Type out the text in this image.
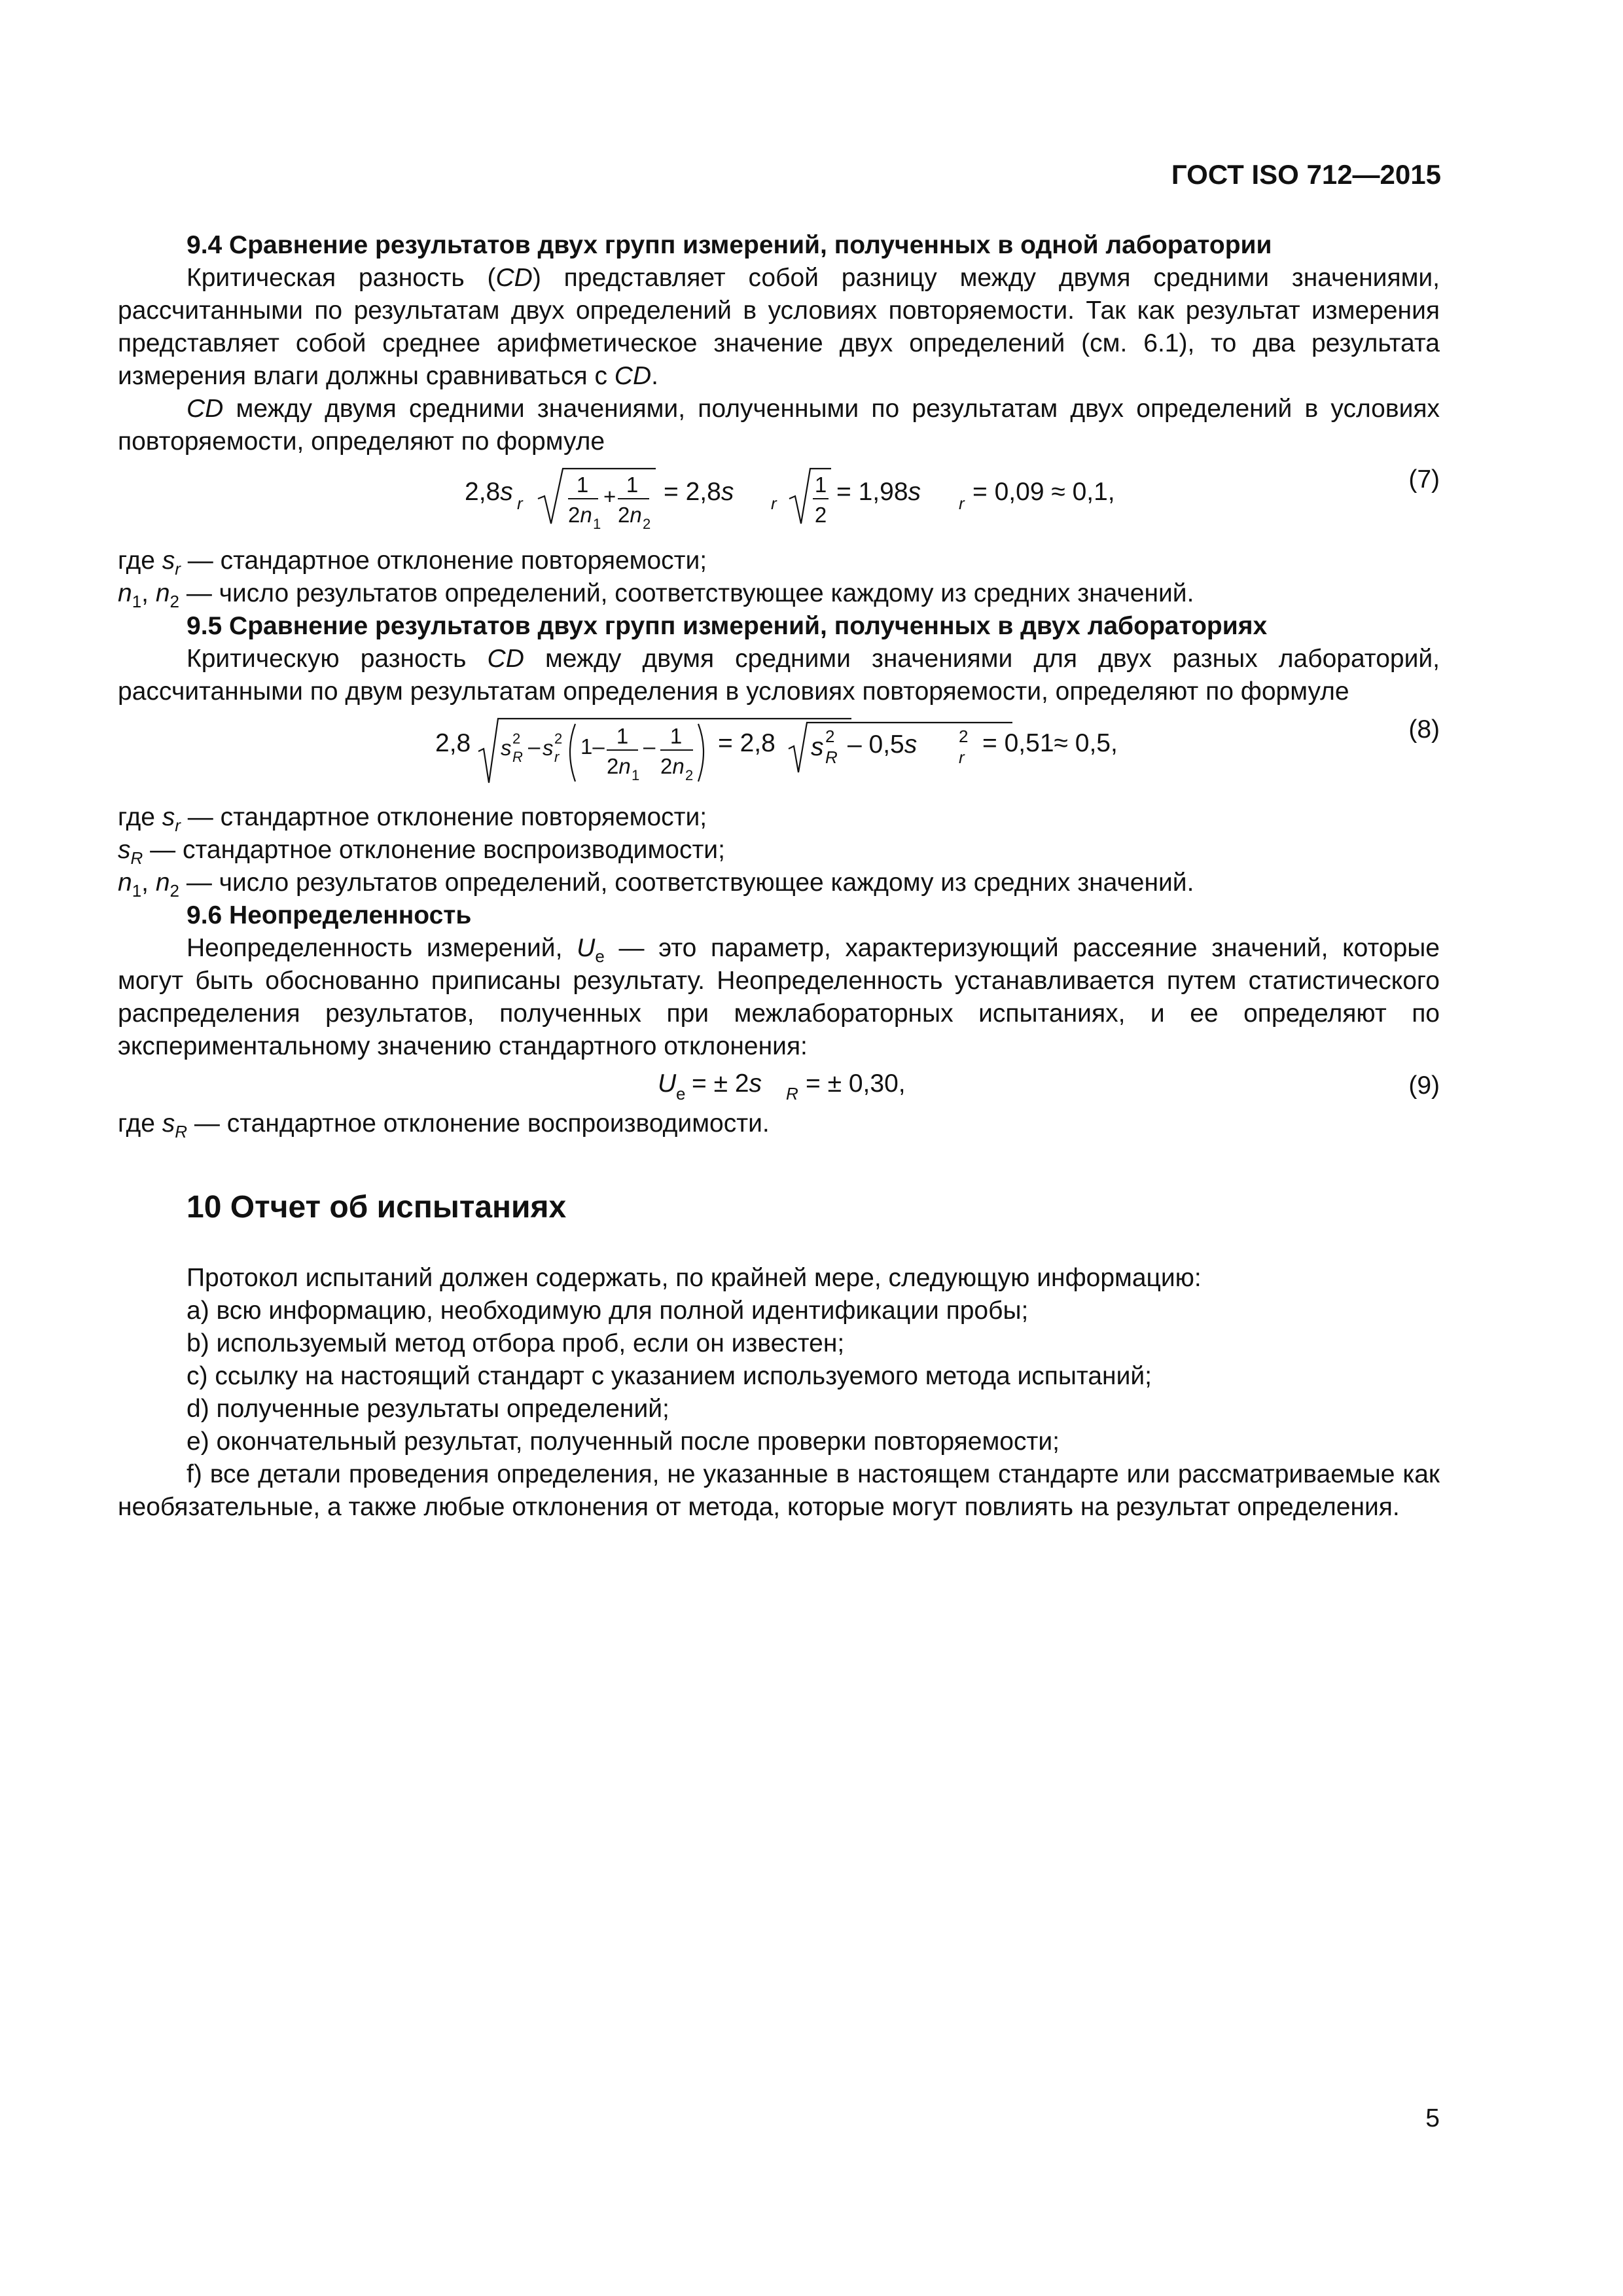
ГОСТ ISO 712—2015

9.4 Сравнение результатов двух групп измерений, полученных в одной лаборатории

Критическая разность (CD) представляет собой разницу между двумя средними значениями, рассчитанными по результатам двух определений в условиях повторяемости. Так как результат измерения представляет собой среднее арифметическое значение двух определений (см. 6.1), то два результата измерения влаги должны сравниваться с CD.

CD между двумя средними значениями, полученными по результатам двух определений в условиях повторяемости, определяют по формуле

2,8s r
1
2n 1
+ 1
2n 2
= 2,8s r
1
2
= 1,98s r = 0,09 ≈ 0,1,	(7)

где $s_r$ — стандартное отклонение повторяемости;

$n_1$, $n_2$ — число результатов определений, соответствующее каждому из средних значений.

9.5 Сравнение результатов двух групп измерений, полученных в двух лабораториях

Критическую разность CD между двумя средними значениями для двух разных лабораторий, рассчитанными по двум результатам определения в условиях повторяемости, определяют по формуле

2,8 s 2
R – s 2
r 1– 1
2n 1
– 1
2n 2
= 2,8 s 2
R – 0,5s 2
r = 0,51≈ 0,5,	(8)

где $s_r$ — стандартное отклонение повторяемости;

$s_R$ — стандартное отклонение воспроизводимости;

$n_1$, $n_2$ — число результатов определений, соответствующее каждому из средних значений.

9.6 Неопределенность

Неопределенность измерений, $U_e$ — это параметр, характеризующий рассеяние значений, которые могут быть обоснованно приписаны результату. Неопределенность устанавливается путем статистического распределения результатов, полученных при межлабораторных испытаниях, и ее определяют по экспериментальному значению стандартного отклонения:

U e = ± 2s R = ± 0,30,	(9)

где $s_R$ — стандартное отклонение воспроизводимости.

10 Отчет об испытаниях

Протокол испытаний должен содержать, по крайней мере, следующую информацию:

a) всю информацию, необходимую для полной идентификации пробы;

b) используемый метод отбора проб, если он известен;

c) ссылку на настоящий стандарт с указанием используемого метода испытаний;

d) полученные результаты определений;

e) окончательный результат, полученный после проверки повторяемости;

f) все детали проведения определения, не указанные в настоящем стандарте или рассматриваемые как необязательные, а также любые отклонения от метода, которые могут повлиять на результат определения.

5
